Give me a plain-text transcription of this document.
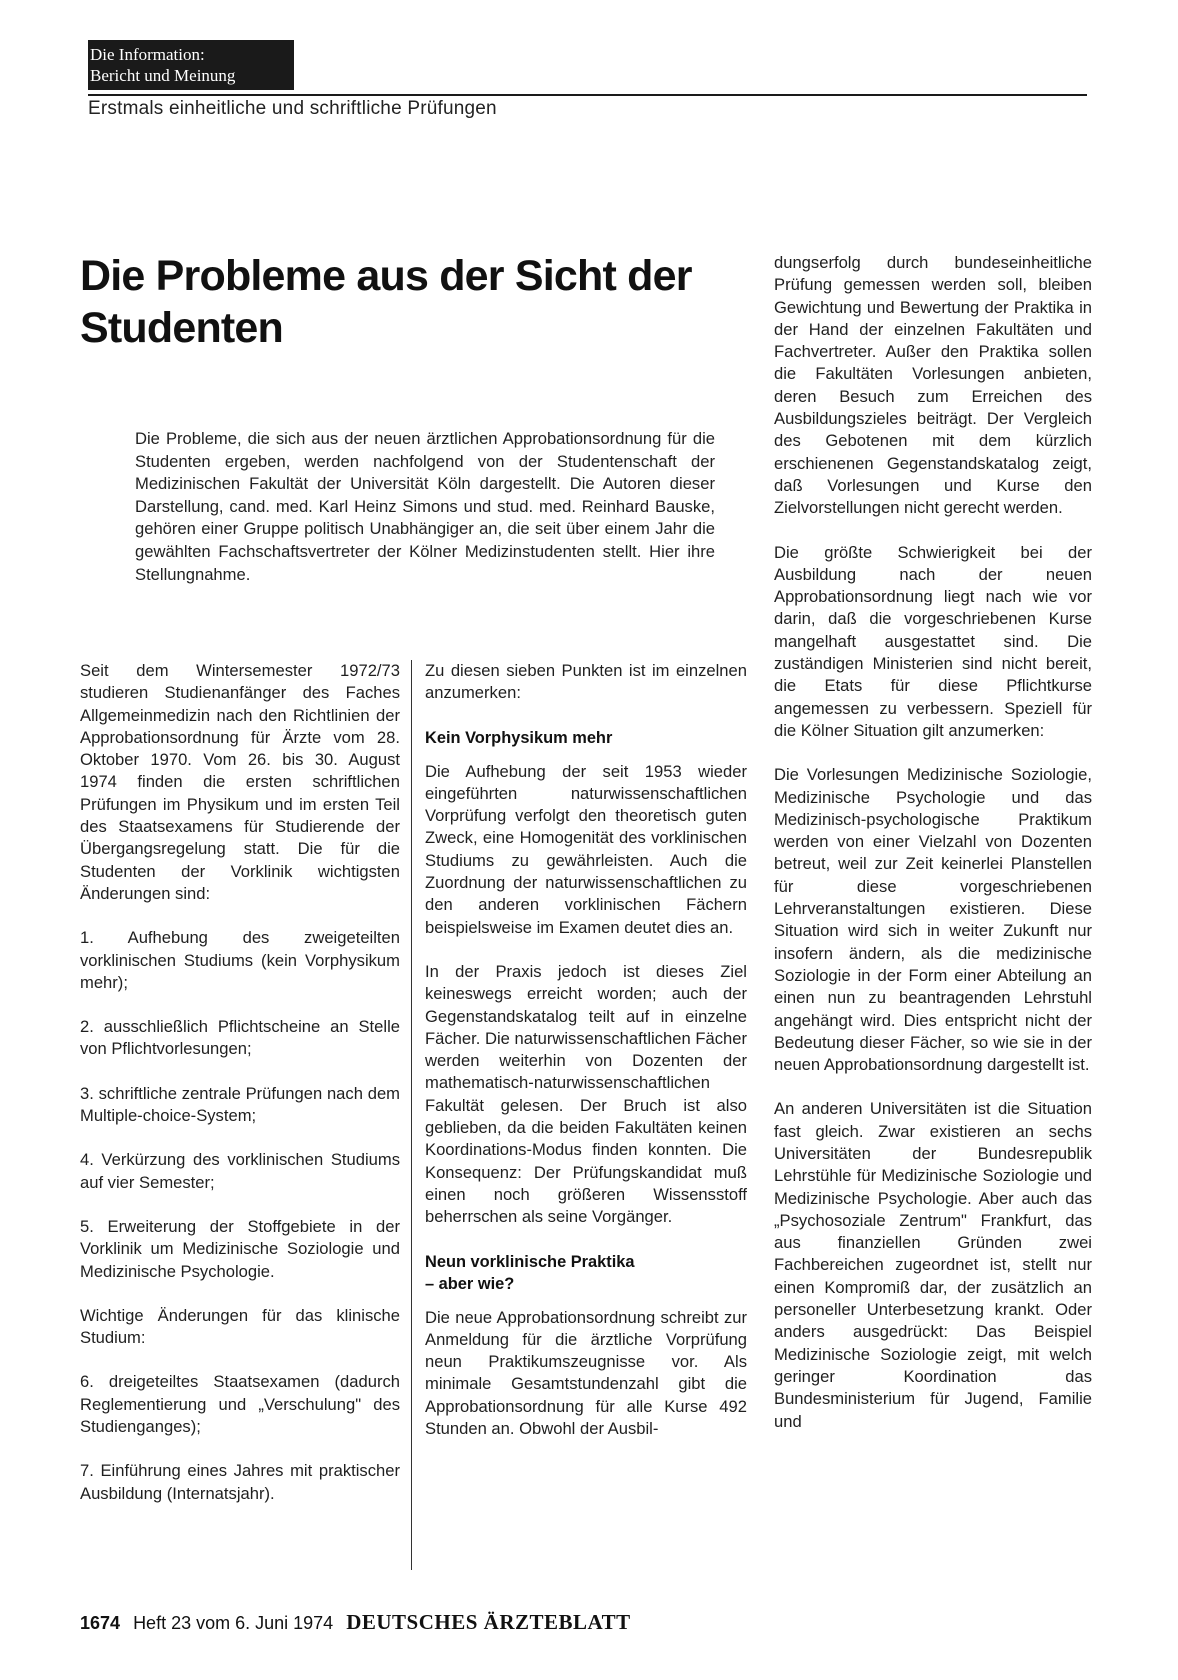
Die Information:
Bericht und Meinung
Erstmals einheitliche und schriftliche Prüfungen
Die Probleme aus der Sicht der Studenten

Die Probleme, die sich aus der neuen ärztlichen Approbationsordnung für die Studenten ergeben, werden nachfolgend von der Studentenschaft der Medizinischen Fakultät der Universität Köln dargestellt. Die Autoren dieser Darstellung, cand. med. Karl Heinz Simons und stud. med. Reinhard Bauske, gehören einer Gruppe politisch Unabhängiger an, die seit über einem Jahr die gewählten Fachschaftsvertreter der Kölner Medizinstudenten stellt. Hier ihre Stellungnahme.

Seit dem Wintersemester 1972/73 studieren Studienanfänger des Faches Allgemeinmedizin nach den Richtlinien der Approbationsordnung für Ärzte vom 28. Oktober 1970. Vom 26. bis 30. August 1974 finden die ersten schriftlichen Prüfungen im Physikum und im ersten Teil des Staatsexamens für Studierende der Übergangsregelung statt. Die für die Studenten der Vorklinik wichtigsten Änderungen sind:

1. Aufhebung des zweigeteilten vorklinischen Studiums (kein Vorphysikum mehr);

2. ausschließlich Pflichtscheine an Stelle von Pflichtvorlesungen;

3. schriftliche zentrale Prüfungen nach dem Multiple-choice-System;

4. Verkürzung des vorklinischen Studiums auf vier Semester;

5. Erweiterung der Stoffgebiete in der Vorklinik um Medizinische Soziologie und Medizinische Psychologie.

Wichtige Änderungen für das klinische Studium:

6. dreigeteiltes Staatsexamen (dadurch Reglementierung und „Verschulung" des Studienganges);

7. Einführung eines Jahres mit praktischer Ausbildung (Internatsjahr).

Zu diesen sieben Punkten ist im einzelnen anzumerken:

Kein Vorphysikum mehr

Die Aufhebung der seit 1953 wieder eingeführten naturwissenschaftlichen Vorprüfung verfolgt den theoretisch guten Zweck, eine Homogenität des vorklinischen Studiums zu gewährleisten. Auch die Zuordnung der naturwissenschaftlichen zu den anderen vorklinischen Fächern beispielsweise im Examen deutet dies an.

In der Praxis jedoch ist dieses Ziel keineswegs erreicht worden; auch der Gegenstandskatalog teilt auf in einzelne Fächer. Die naturwissenschaftlichen Fächer werden weiterhin von Dozenten der mathematisch-naturwissenschaftlichen Fakultät gelesen. Der Bruch ist also geblieben, da die beiden Fakultäten keinen Koordinations-Modus finden konnten. Die Konsequenz: Der Prüfungskandidat muß einen noch größeren Wissensstoff beherrschen als seine Vorgänger.

Neun vorklinische Praktika
– aber wie?

Die neue Approbationsordnung schreibt zur Anmeldung für die ärztliche Vorprüfung neun Praktikumszeugnisse vor. Als minimale Gesamtstundenzahl gibt die Approbationsordnung für alle Kurse 492 Stunden an. Obwohl der Ausbil-

dungserfolg durch bundeseinheitliche Prüfung gemessen werden soll, bleiben Gewichtung und Bewertung der Praktika in der Hand der einzelnen Fakultäten und Fachvertreter. Außer den Praktika sollen die Fakultäten Vorlesungen anbieten, deren Besuch zum Erreichen des Ausbildungszieles beiträgt. Der Vergleich des Gebotenen mit dem kürzlich erschienenen Gegenstandskatalog zeigt, daß Vorlesungen und Kurse den Zielvorstellungen nicht gerecht werden.

Die größte Schwierigkeit bei der Ausbildung nach der neuen Approbationsordnung liegt nach wie vor darin, daß die vorgeschriebenen Kurse mangelhaft ausgestattet sind. Die zuständigen Ministerien sind nicht bereit, die Etats für diese Pflichtkurse angemessen zu verbessern. Speziell für die Kölner Situation gilt anzumerken:

Die Vorlesungen Medizinische Soziologie, Medizinische Psychologie und das Medizinisch-psychologische Praktikum werden von einer Vielzahl von Dozenten betreut, weil zur Zeit keinerlei Planstellen für diese vorgeschriebenen Lehrveranstaltungen existieren. Diese Situation wird sich in weiter Zukunft nur insofern ändern, als die medizinische Soziologie in der Form einer Abteilung an einen nun zu beantragenden Lehrstuhl angehängt wird. Dies entspricht nicht der Bedeutung dieser Fächer, so wie sie in der neuen Approbationsordnung dargestellt ist.

An anderen Universitäten ist die Situation fast gleich. Zwar existieren an sechs Universitäten der Bundesrepublik Lehrstühle für Medizinische Soziologie und Medizinische Psychologie. Aber auch das „Psychosoziale Zentrum" Frankfurt, das aus finanziellen Gründen zwei Fachbereichen zugeordnet ist, stellt nur einen Kompromiß dar, der zusätzlich an personeller Unterbesetzung krankt. Oder anders ausgedrückt: Das Beispiel Medizinische Soziologie zeigt, mit welch geringer Koordination das Bundesministerium für Jugend, Familie und

1674 Heft 23 vom 6. Juni 1974 DEUTSCHES ÄRZTEBLATT
